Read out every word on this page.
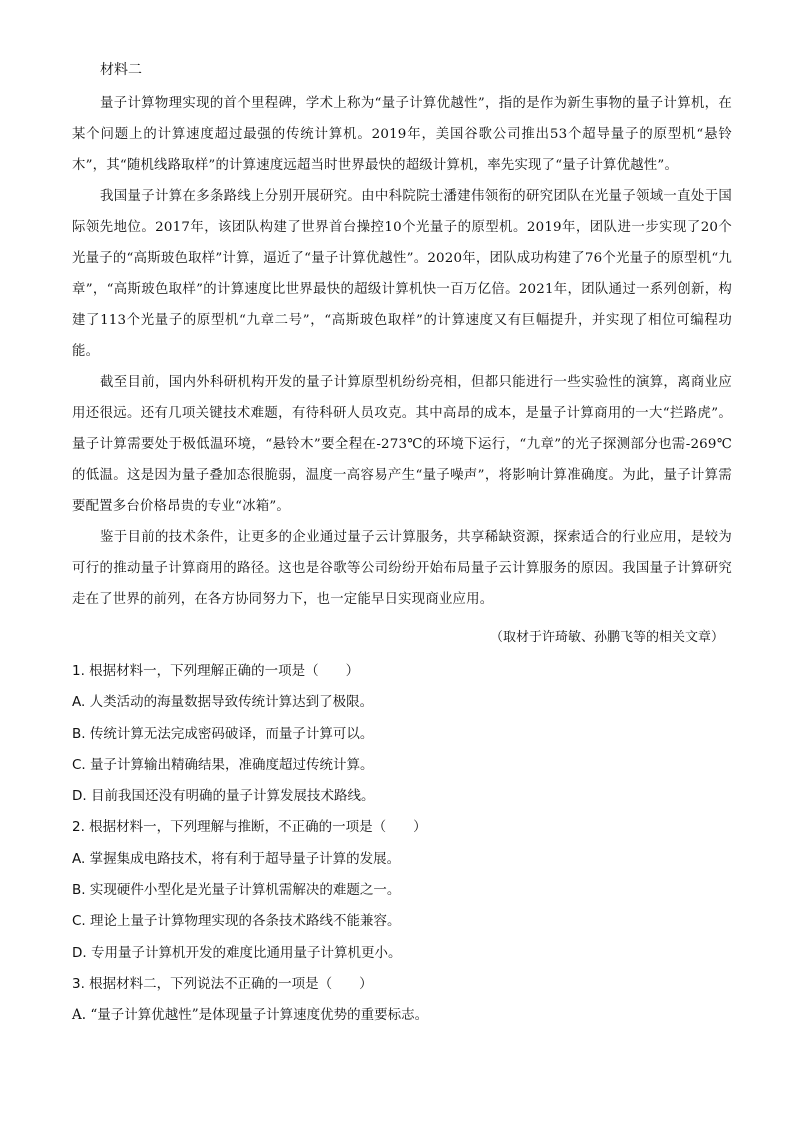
材料二

量子计算物理实现的首个里程碑，学术上称为“量子计算优越性”，指的是作为新生事物的量子计算机，在某个问题上的计算速度超过最强的传统计算机。2019年，美国谷歌公司推出53个超导量子的原型机“悬铃木”，其“随机线路取样”的计算速度远超当时世界最快的超级计算机，率先实现了“量子计算优越性”。

我国量子计算在多条路线上分别开展研究。由中科院院士潘建伟领衔的研究团队在光量子领域一直处于国际领先地位。2017年，该团队构建了世界首台操控10个光量子的原型机。2019年，团队进一步实现了20个光量子的“高斯玻色取样”计算，逼近了“量子计算优越性”。2020年，团队成功构建了76个光量子的原型机“九章”，“高斯玻色取样”的计算速度比世界最快的超级计算机快一百万亿倍。2021年，团队通过一系列创新，构建了113个光量子的原型机“九章二号”，“高斯玻色取样”的计算速度又有巨幅提升，并实现了相位可编程功能。

截至目前，国内外科研机构开发的量子计算原型机纷纷亮相，但都只能进行一些实验性的演算，离商业应用还很远。还有几项关键技术难题，有待科研人员攻克。其中高昂的成本，是量子计算商用的一大“拦路虎”。量子计算需要处于极低温环境，“悬铃木”要全程在-273℃的环境下运行，“九章”的光子探测部分也需-269℃的低温。这是因为量子叠加态很脆弱，温度一高容易产生“量子噪声”，将影响计算准确度。为此，量子计算需要配置多台价格昂贵的专业“冰箱”。

鉴于目前的技术条件，让更多的企业通过量子云计算服务，共享稀缺资源，探索适合的行业应用，是较为可行的推动量子计算商用的路径。这也是谷歌等公司纷纷开始布局量子云计算服务的原因。我国量子计算研究走在了世界的前列，在各方协同努力下，也一定能早日实现商业应用。

（取材于许琦敏、孙鹏飞等的相关文章）

1. 根据材料一，下列理解正确的一项是（　　）

A. 人类活动的海量数据导致传统计算达到了极限。

B. 传统计算无法完成密码破译，而量子计算可以。

C. 量子计算输出精确结果，准确度超过传统计算。

D. 目前我国还没有明确的量子计算发展技术路线。

2. 根据材料一，下列理解与推断，不正确的一项是（　　）

A. 掌握集成电路技术，将有利于超导量子计算的发展。

B. 实现硬件小型化是光量子计算机需解决的难题之一。

C. 理论上量子计算物理实现的各条技术路线不能兼容。

D. 专用量子计算机开发的难度比通用量子计算机更小。

3. 根据材料二，下列说法不正确的一项是（　　）

A. “量子计算优越性”是体现量子计算速度优势的重要标志。
